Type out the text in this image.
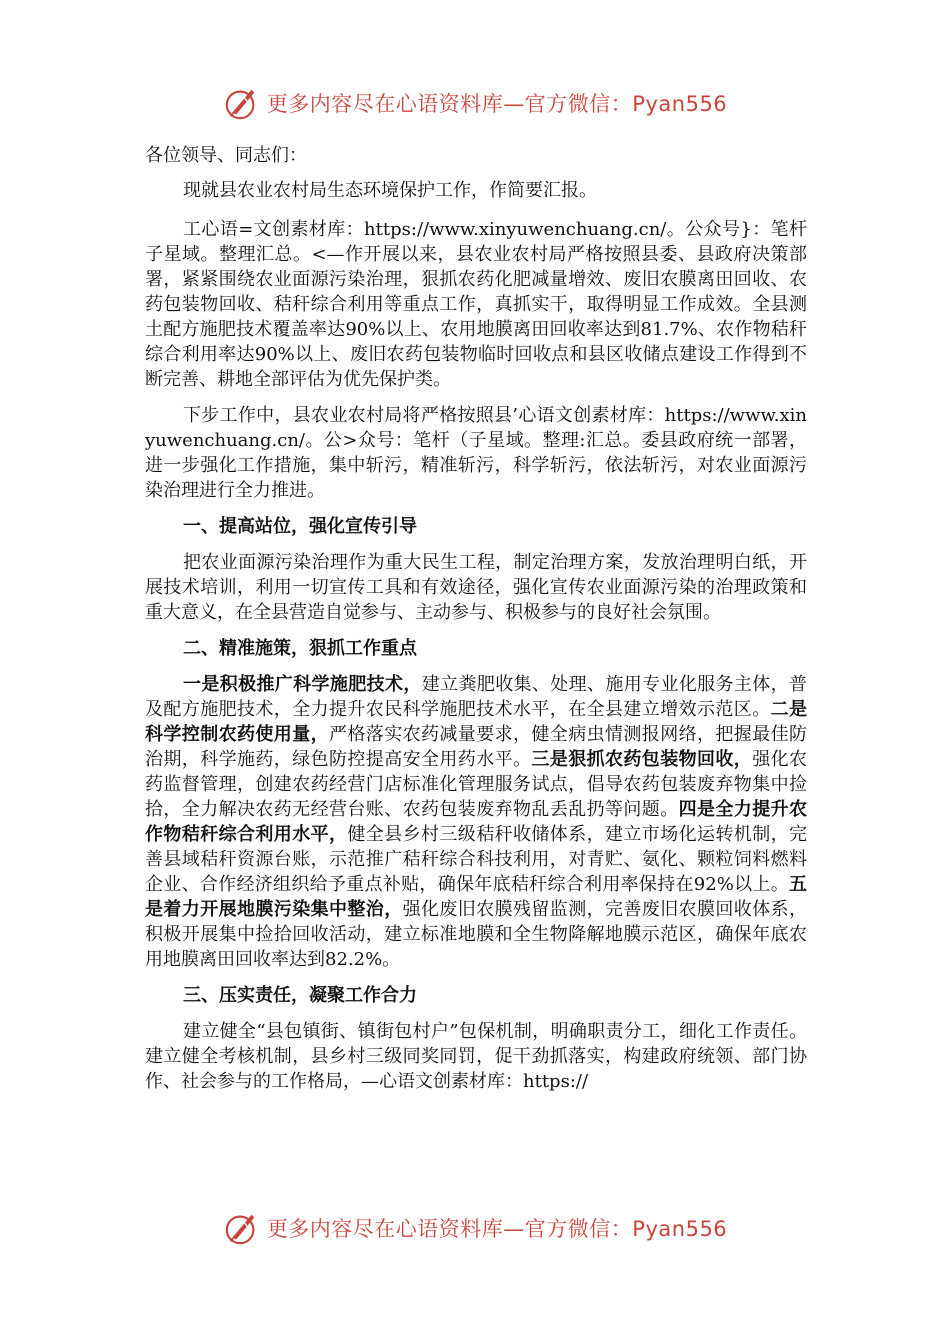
更多内容尽在心语资料库—官方微信：Pyan556

各位领导、同志们：

现就县农业农村局生态环境保护工作，作简要汇报。

工心语=文创素材库：https://www.xinyuwenchuang.cn/。公众号}：笔杆子星域。整理汇总。<—作开展以来，县农业农村局严格按照县委、县政府决策部署，紧紧围绕农业面源污染治理，狠抓农药化肥减量增效、废旧农膜离田回收、农药包装物回收、秸秆综合利用等重点工作，真抓实干，取得明显工作成效。全县测土配方施肥技术覆盖率达90%以上、农用地膜离田回收率达到81.7%、农作物秸秆综合利用率达90%以上、废旧农药包装物临时回收点和县区收储点建设工作得到不断完善、耕地全部评估为优先保护类。

下步工作中，县农业农村局将严格按照县’心语文创素材库：https://www.xinyuwenchuang.cn/。公>众号：笔杆（子星域。整理:汇总。委县政府统一部署，进一步强化工作措施，集中斩污，精准斩污，科学斩污，依法斩污，对农业面源污染治理进行全力推进。

一、提高站位，强化宣传引导

把农业面源污染治理作为重大民生工程，制定治理方案，发放治理明白纸，开展技术培训，利用一切宣传工具和有效途径，强化宣传农业面源污染的治理政策和重大意义，在全县营造自觉参与、主动参与、积极参与的良好社会氛围。

二、精准施策，狠抓工作重点

一是积极推广科学施肥技术，建立粪肥收集、处理、施用专业化服务主体，普及配方施肥技术，全力提升农民科学施肥技术水平，在全县建立增效示范区。二是科学控制农药使用量，严格落实农药减量要求，健全病虫情测报网络，把握最佳防治期，科学施药，绿色防控提高安全用药水平。三是狠抓农药包装物回收，强化农药监督管理，创建农药经营门店标准化管理服务试点，倡导农药包装废弃物集中捡拾，全力解决农药无经营台账、农药包装废弃物乱丢乱扔等问题。四是全力提升农作物秸秆综合利用水平，健全县乡村三级秸秆收储体系，建立市场化运转机制，完善县域秸秆资源台账，示范推广秸秆综合科技利用，对青贮、氨化、颗粒饲料燃料企业、合作经济组织给予重点补贴，确保年底秸秆综合利用率保持在92%以上。五是着力开展地膜污染集中整治，强化废旧农膜残留监测，完善废旧农膜回收体系，积极开展集中捡拾回收活动，建立标准地膜和全生物降解地膜示范区，确保年底农用地膜离田回收率达到82.2%。

三、压实责任，凝聚工作合力

建立健全“县包镇街、镇街包村户”包保机制，明确职责分工，细化工作责任。建立健全考核机制，县乡村三级同奖同罚，促干劲抓落实，构建政府统领、部门协作、社会参与的工作格局，—心语文创素材库：https://

更多内容尽在心语资料库—官方微信：Pyan556
